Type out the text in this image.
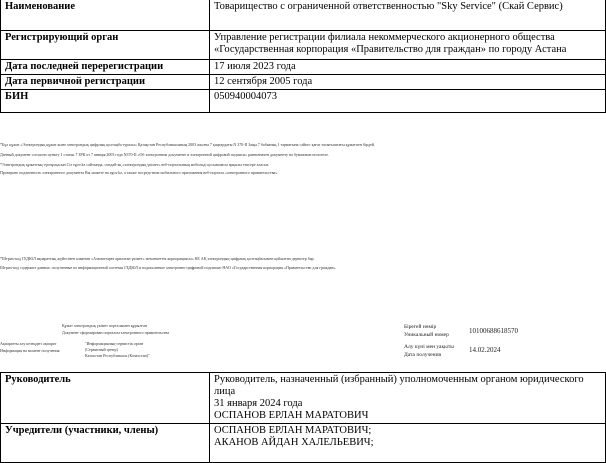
Наименование	Товарищество с ограниченной ответственностью "Sky Service" (Скай Сервис)
Регистрирующий орган	Управление регистрации филиала некоммерческого акционерного общества «Государственная корпорация «Правительство для граждан» по городу Астана
Дата последней перерегистрации	17 июля 2023 года
Дата первичной регистрации	12 сентября 2005 года
БИН	050940004073
*Бұл құжат «Электрондық құжат және электрондық цифрлық қолтаңба туралы» Қазақстан Республикасының 2003 жылғы 7 қаңтардағы N 370-II Заңы 7 бабының 1 тармағына сәйкес қағаз тасығыштағы құжатпен бірдей.
Данный документ согласно пункту 1 статьи 7 ЗРК от 7 января 2003 года N370-II «Об электронном документе и электронной цифровой подписи» равнозначен документу на бумажном носителе.
*Электрондық құжаттың түпнұсқасын Сіз egov.kz сайтында, сондай-ақ «электрондық үкімет» веб-порталының мобильді қосымшасы арқылы тексере аласыз.
Проверить подлинность электронного документа Вы можете на egov.kz, а также посредством мобильного приложения веб-портала «электронного правительства».
*Штрих-код ГБДЮЛ ақпараттық жүйесінен алынған «Азаматтарға арналған үкімет» мемлекеттік корпорациясы» КЕ АҚ электрондық-цифрлық қолтаңбасымен қойылған деректер бар.
Штрих-код содержит данные, полученные из информационной системы ГБДЮЛ и подписанные электронно-цифровой подписью НАО «Государственная корпорация «Правительство для граждан».
Құжат электрондық үкімет порталымен құрылған
Документ сформирован порталом электронного правительства
Ақпаратты алу кезеңдегі ақпарат
Информация на момент получения
"Информациялық-сервистік орган
(Сервисный центр)
Казахстан Республикасы (Казахстан)"
Бірегей нөмір
Уникальный номер	10100688618570
Алу күні мен уақыты
Дата получения
14.02.2024
Руководитель	Руководитель, назначенный (избранный) уполномоченным органом юридического лица
31 января 2024 года
ОСПАНОВ ЕРЛАН МАРАТОВИЧ

Учредители (участники, члены)	ОСПАНОВ ЕРЛАН МАРАТОВИЧ;
АКАНОВ АЙДАН ХАЛЕЛЬЕВИЧ;
